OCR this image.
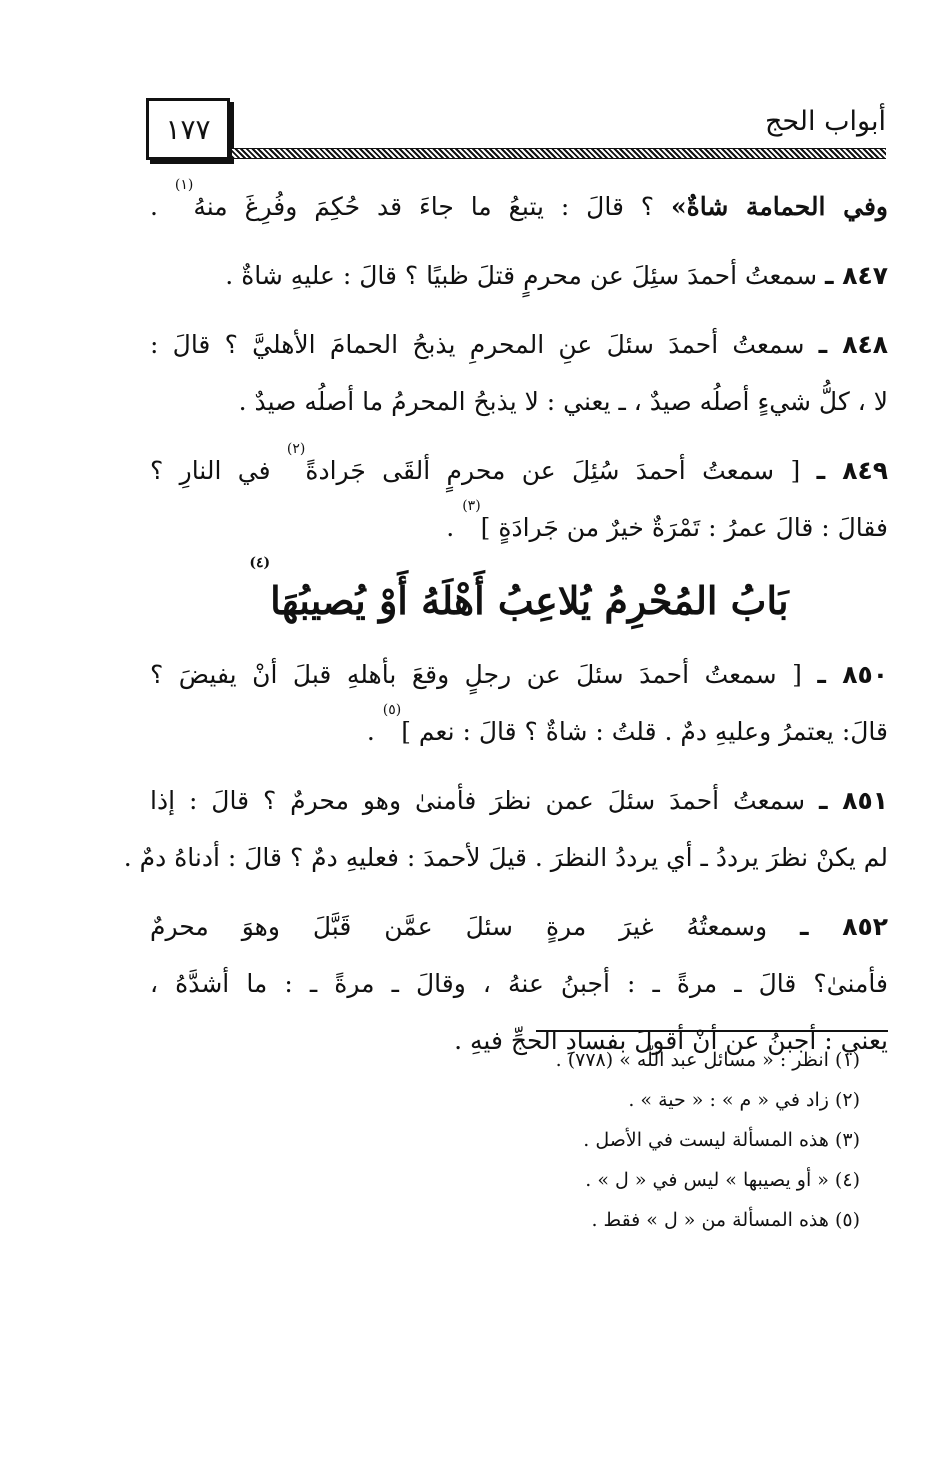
١٧٧	أبواب الحج
وفي الحمامة شاةٌ» ؟ قالَ : يتبعُ ما جاءَ قد حُكِمَ وفُرِغَ منهُ$^{(١)}$ .
٨٤٧ ـ سمعتُ أحمدَ سئِلَ عن محرمٍ قتلَ ظبيًا ؟ قالَ : عليهِ شاةٌ .
٨٤٨ ـ سمعتُ أحمدَ سئلَ عنِ المحرمِ يذبحُ الحمامَ الأهليَّ ؟ قالَ :
لا ، كلُّ شيءٍ أصلُه صيدٌ ، ـ يعني : لا يذبحُ المحرمُ ما أصلُه صيدٌ .
٨٤٩ ـ [ سمعتُ أحمدَ سُئِلَ عن محرمٍ ألقَى جَرادةً$^{(٢)}$ في النارِ ؟
فقالَ : قالَ عمرُ : تَمْرَةٌ خيرٌ من جَرادَةٍ ]$^{(٣)}$ .
بَابُ المُحْرِمُ يُلاعِبُ أَهْلَهُ أَوْ يُصيبُهَا$^{(٤)}$
٨٥٠ ـ [ سمعتُ أحمدَ سئلَ عن رجلٍ وقعَ بأهلهِ قبلَ أنْ يفيضَ ؟
قالَ: يعتمرُ وعليهِ دمٌ . قلتُ : شاةٌ ؟ قالَ : نعم ]$^{(٥)}$ .
٨٥١ ـ سمعتُ أحمدَ سئلَ عمن نظرَ فأمنىٰ وهو محرمٌ ؟ قالَ : إذا
لم يكنْ نظرَ يرددُ ـ أي يرددُ النظرَ . قيلَ لأحمدَ : فعليهِ دمٌ ؟ قالَ : أدناهُ دمٌ .
٨٥٢ ـ وسمعتُهُ غيرَ مرةٍ سئلَ عمَّن قَبَّلَ وهوَ محرمٌ
فأمنىٰ؟ قالَ ـ مرةً ـ : أجبنُ عنهُ ، وقالَ ـ مرةً ـ : ما أشدَّهُ ،
يعني : أجبنُ عن أنْ أقولَ بفسادِ الحجِّ فيهِ .
(١) انظر : « مسائل عبد اللّٰه » (٧٧٨) .
(٢) زاد في « م » : « حية » .
(٣) هذه المسألة ليست في الأصل .
(٤) « أو يصيبها » ليس في « ل » .
(٥) هذه المسألة من « ل » فقط .
